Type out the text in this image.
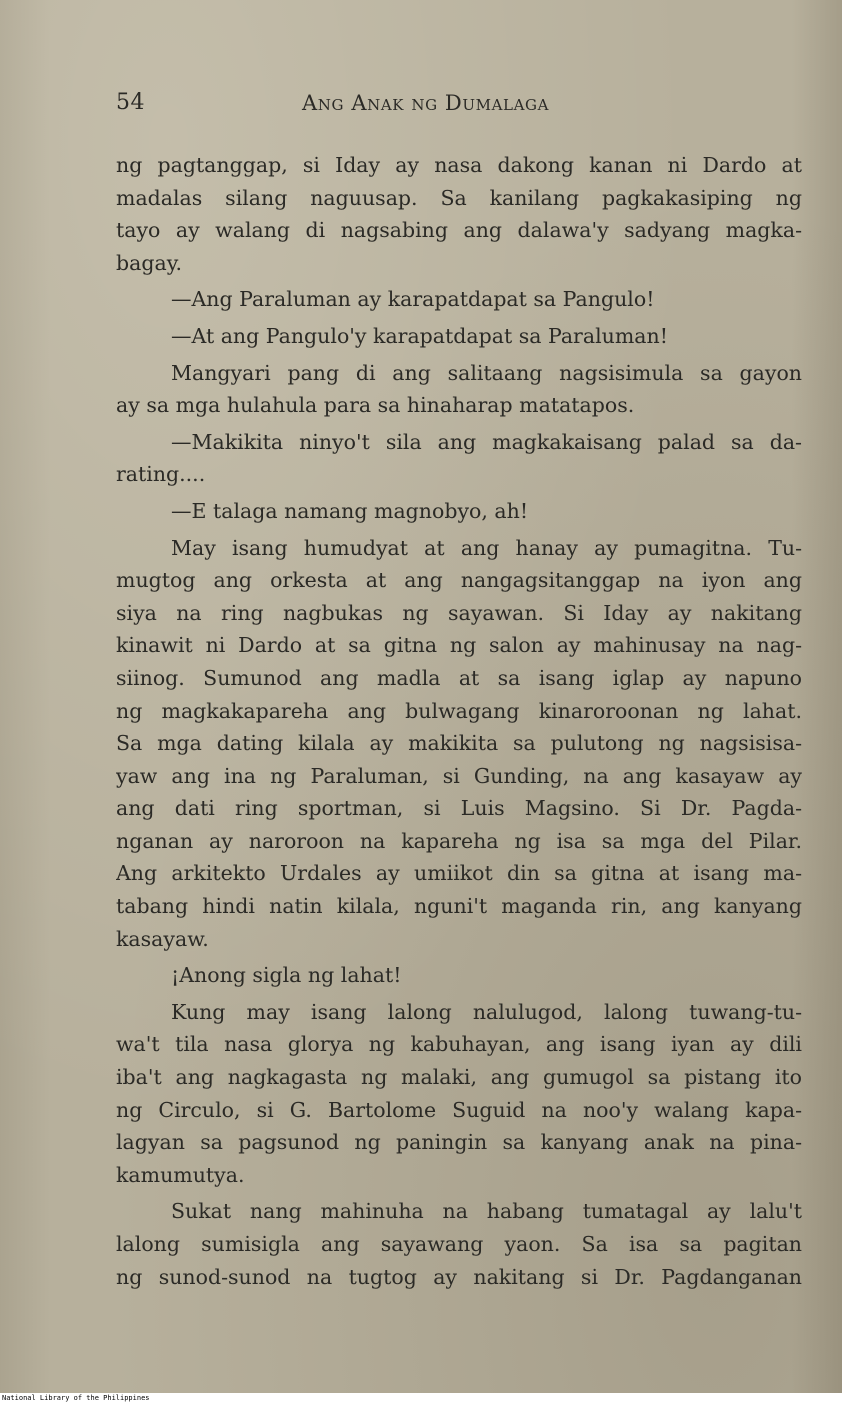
54	Ang Anak ng Dumalaga
ng pagtanggap, si Iday ay nasa dakong kanan ni Dardo at
madalas silang naguusap. Sa kanilang pagkakasiping ng
tayo ay walang di nagsabing ang dalawa'y sadyang magka-
bagay.
—Ang Paraluman ay karapatdapat sa Pangulo!
—At ang Pangulo'y karapatdapat sa Paraluman!
Mangyari pang di ang salitaang nagsisimula sa gayon
ay sa mga hulahula para sa hinaharap matatapos.
—Makikita ninyo't sila ang magkakaisang palad sa da-
rating....
—E talaga namang magnobyo, ah!
May isang humudyat at ang hanay ay pumagitna. Tu-
mugtog ang orkesta at ang nangagsitanggap na iyon ang
siya na ring nagbukas ng sayawan. Si Iday ay nakitang
kinawit ni Dardo at sa gitna ng salon ay mahinusay na nag-
siinog. Sumunod ang madla at sa isang iglap ay napuno
ng magkakapareha ang bulwagang kinaroroonan ng lahat.
Sa mga dating kilala ay makikita sa pulutong ng nagsisisa-
yaw ang ina ng Paraluman, si Gunding, na ang kasayaw ay
ang dati ring sportman, si Luis Magsino. Si Dr. Pagda-
nganan ay naroroon na kapareha ng isa sa mga del Pilar.
Ang arkitekto Urdales ay umiikot din sa gitna at isang ma-
tabang hindi natin kilala, nguni't maganda rin, ang kanyang
kasayaw.
¡Anong sigla ng lahat!
Kung may isang lalong nalulugod, lalong tuwang-tu-
wa't tila nasa glorya ng kabuhayan, ang isang iyan ay dili
iba't ang nagkagasta ng malaki, ang gumugol sa pistang ito
ng Circulo, si G. Bartolome Suguid na noo'y walang kapa-
lagyan sa pagsunod ng paningin sa kanyang anak na pina-
kamumutya.
Sukat nang mahinuha na habang tumatagal ay lalu't
lalong sumisigla ang sayawang yaon. Sa isa sa pagitan
ng sunod-sunod na tugtog ay nakitang si Dr. Pagdanganan
National Library of the Philippines
